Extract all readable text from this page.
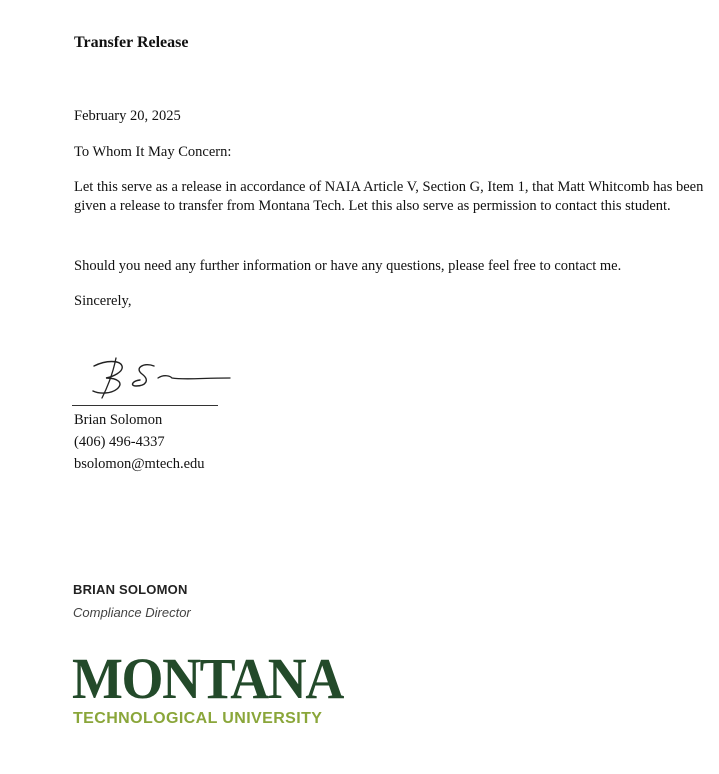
Transfer Release
February 20, 2025
To Whom It May Concern:
Let this serve as a release in accordance of NAIA Article V, Section G, Item 1, that Matt Whitcomb has been given a release to transfer from Montana Tech. Let this also serve as permission to contact this student.
Should you need any further information or have any questions, please feel free to contact me.
Sincerely,
Brian Solomon
(406) 496-4337
bsolomon@mtech.edu
BRIAN SOLOMON
Compliance Director
MONTANA
TECHNOLOGICAL UNIVERSITY
